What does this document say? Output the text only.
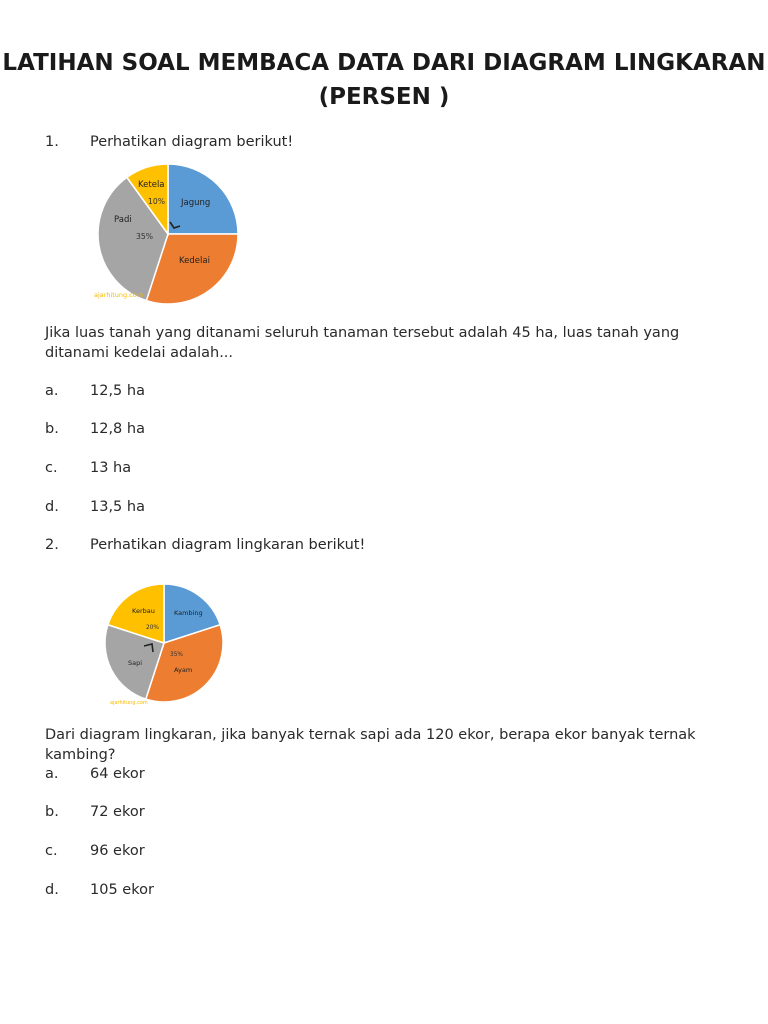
LATIHAN SOAL MEMBACA DATA DARI DIAGRAM LINGKARAN (PERSEN )
1. Perhatikan diagram berikut!
Jagung
Kedelai
Padi
35%
Ketela
10%
ajarhitung.com
Jika luas tanah yang ditanami seluruh tanaman tersebut adalah 45 ha, luas tanah yang ditanami kedelai adalah...
a. 12,5 ha
b. 12,8 ha
c. 13 ha
d. 13,5 ha
2. Perhatikan diagram lingkaran berikut!
Kambing
Ayam
35%
Sapi
Kerbau
20%
ajarhitung.com
Dari diagram lingkaran, jika banyak ternak sapi ada 120 ekor, berapa ekor banyak ternak kambing?
a. 64 ekor
b. 72 ekor
c. 96 ekor
d. 105 ekor
